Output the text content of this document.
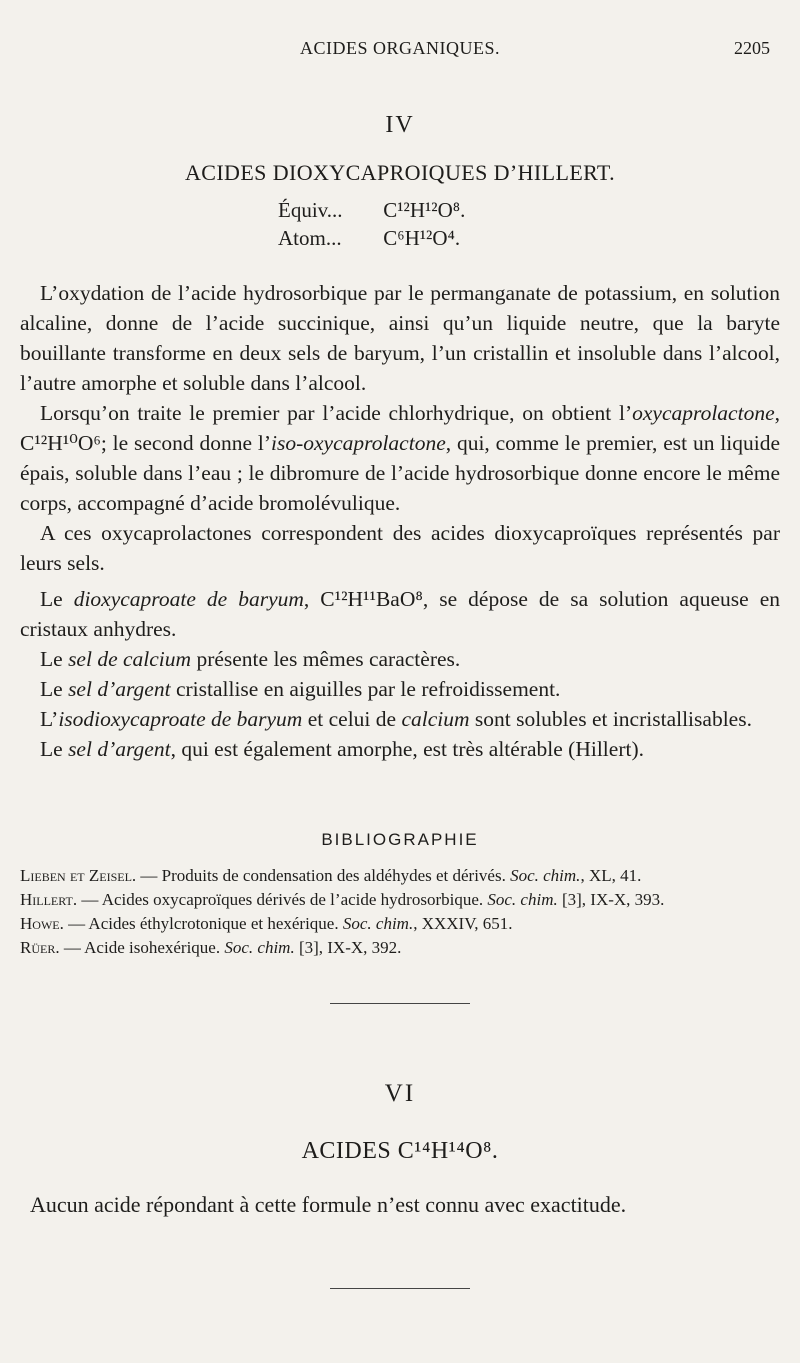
ACIDES ORGANIQUES.	2205
IV
ACIDES DIOXYCAPROIQUES D’HILLERT.
Équiv... C¹²H¹²O⁸.
Atom... C⁶H¹²O⁴.

L’oxydation de l’acide hydrosorbique par le permanganate de potassium, en solution alcaline, donne de l’acide succinique, ainsi qu’un liquide neutre, que la baryte bouillante transforme en deux sels de baryum, l’un cristallin et insoluble dans l’alcool, l’autre amorphe et soluble dans l’alcool.

Lorsqu’on traite le premier par l’acide chlorhydrique, on obtient l’oxycaprolactone, C¹²H¹⁰O⁶; le second donne l’iso-oxycaprolactone, qui, comme le premier, est un liquide épais, soluble dans l’eau ; le dibromure de l’acide hydrosorbique donne encore le même corps, accompagné d’acide bromolévulique.

A ces oxycaprolactones correspondent des acides dioxycaproïques représentés par leurs sels.

Le dioxycaproate de baryum, C¹²H¹¹BaO⁸, se dépose de sa solution aqueuse en cristaux anhydres.

Le sel de calcium présente les mêmes caractères.

Le sel d’argent cristallise en aiguilles par le refroidissement.

L’isodioxycaproate de baryum et celui de calcium sont solubles et incristallisables.

Le sel d’argent, qui est également amorphe, est très altérable (Hillert).

BIBLIOGRAPHIE
Lieben et Zeisel. — Produits de condensation des aldéhydes et dérivés. Soc. chim., XL, 41.
Hillert. — Acides oxycaproïques dérivés de l’acide hydrosorbique. Soc. chim. [3], IX-X, 393.
Howe. — Acides éthylcrotonique et hexérique. Soc. chim., XXXIV, 651.
Rüer. — Acide isohexérique. Soc. chim. [3], IX-X, 392.
VI
ACIDES C¹⁴H¹⁴O⁸.
Aucun acide répondant à cette formule n’est connu avec exactitude.
